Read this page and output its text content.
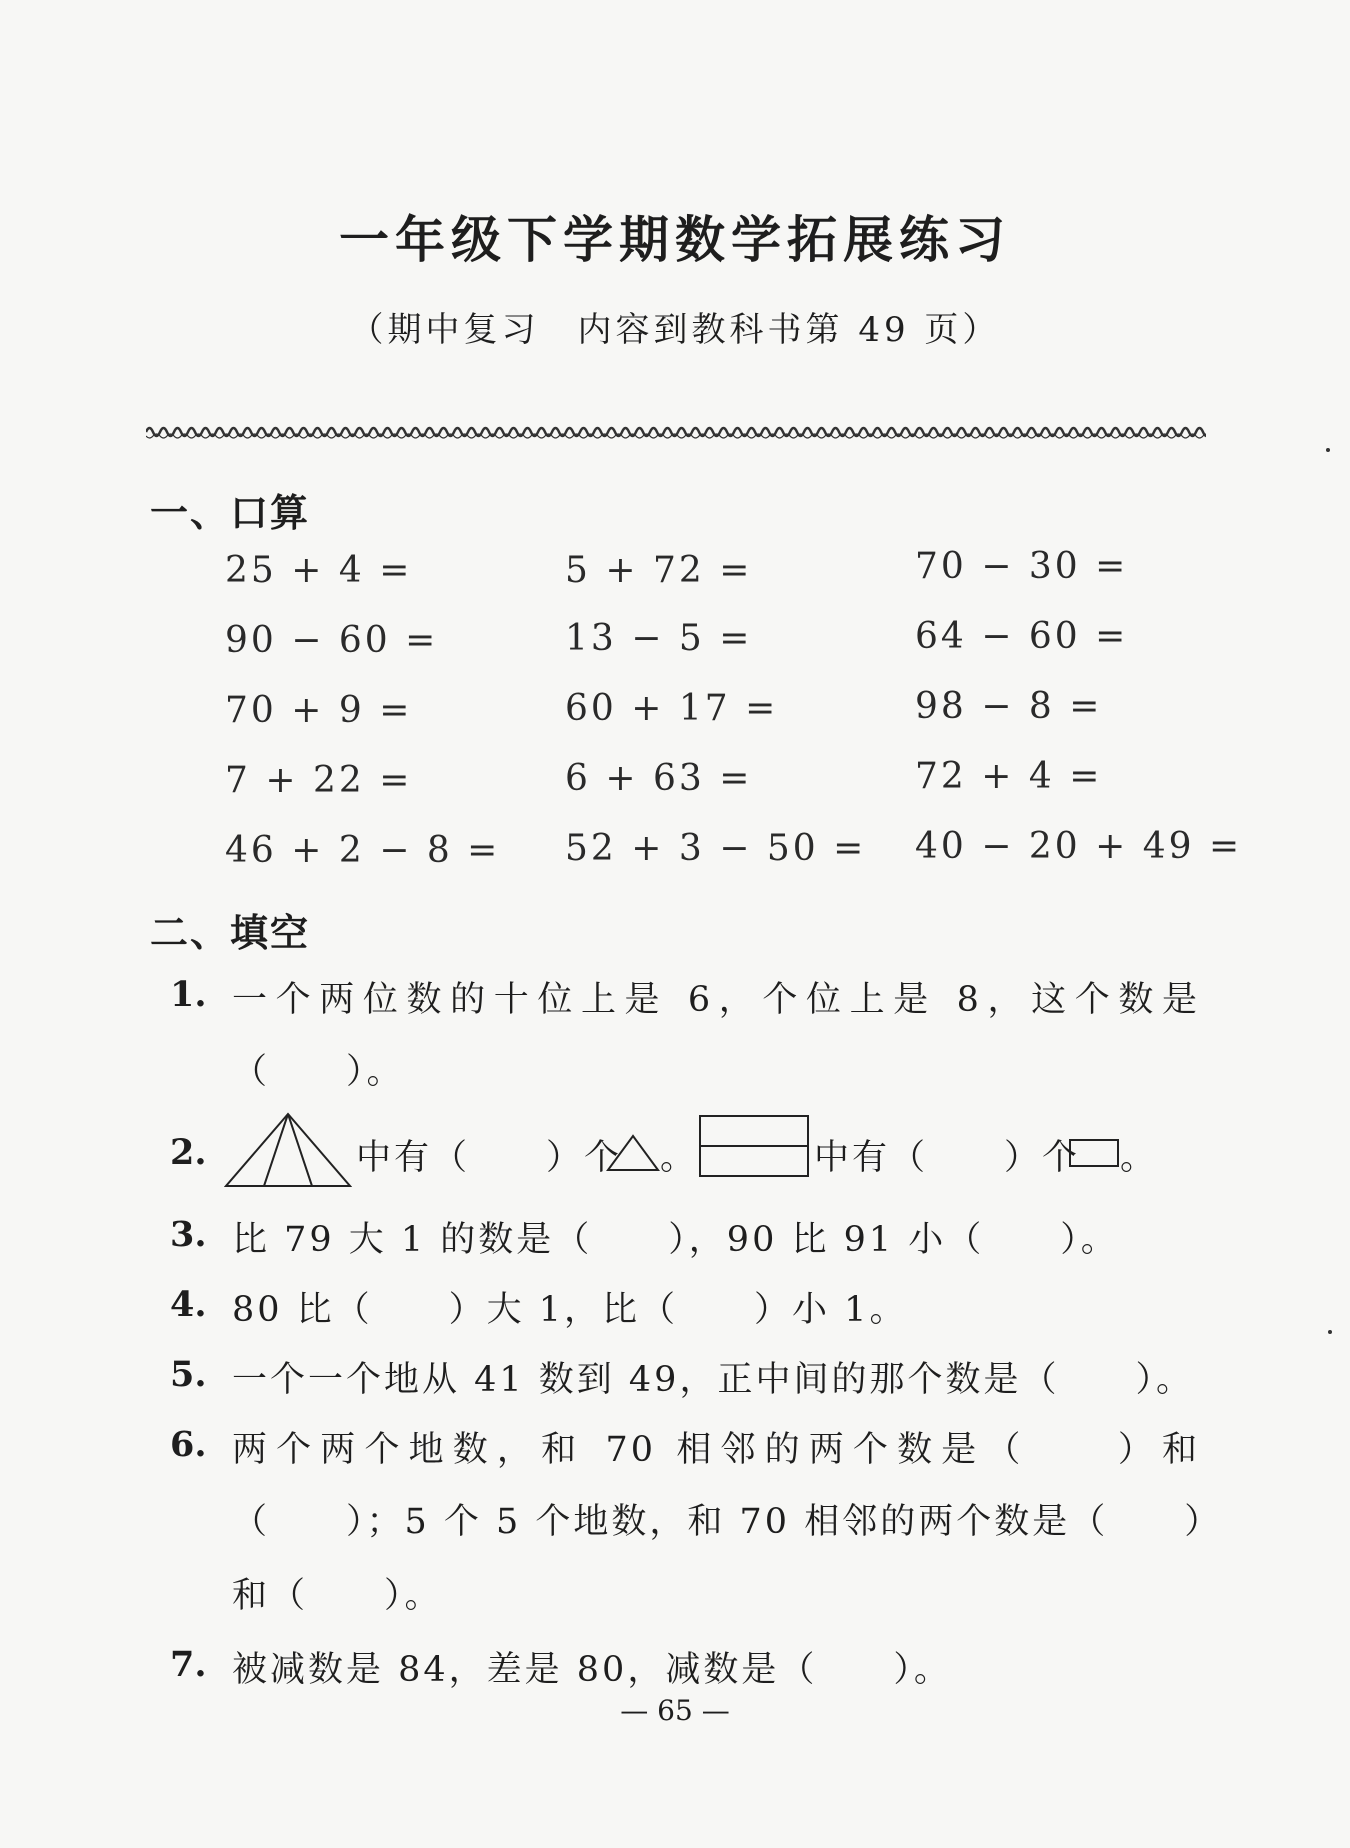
一年级下学期数学拓展练习
（期中复习　内容到教科书第 49 页）
一、口算
25 + 4 =	5 + 72 =	70 − 30 =
90 − 60 =	13 − 5 =	64 − 60 =
70 + 9 =	60 + 17 =	98 − 8 =
7 + 22 =	6 + 63 =	72 + 4 =
46 + 2 − 8 = 52 + 3 − 50 = 40 − 20 + 49 =
二、填空
1. 一个两位数的十位上是 6，个位上是 8，这个数是
（　　）。
2.	中有（　　）个 。	中有（　　）个 。
3. 比 79 大 1 的数是（　　），90 比 91 小（　　）。
4. 80 比（　　）大 1，比（　　）小 1。
5. 一个一个地从 41 数到 49，正中间的那个数是（　　）。
6. 两个两个地数，和 70 相邻的两个数是（　　）和
（　　）；5 个 5 个地数，和 70 相邻的两个数是（　　）
和（　　）。
7. 被减数是 84，差是 80，减数是（　　）。
— 65 —
